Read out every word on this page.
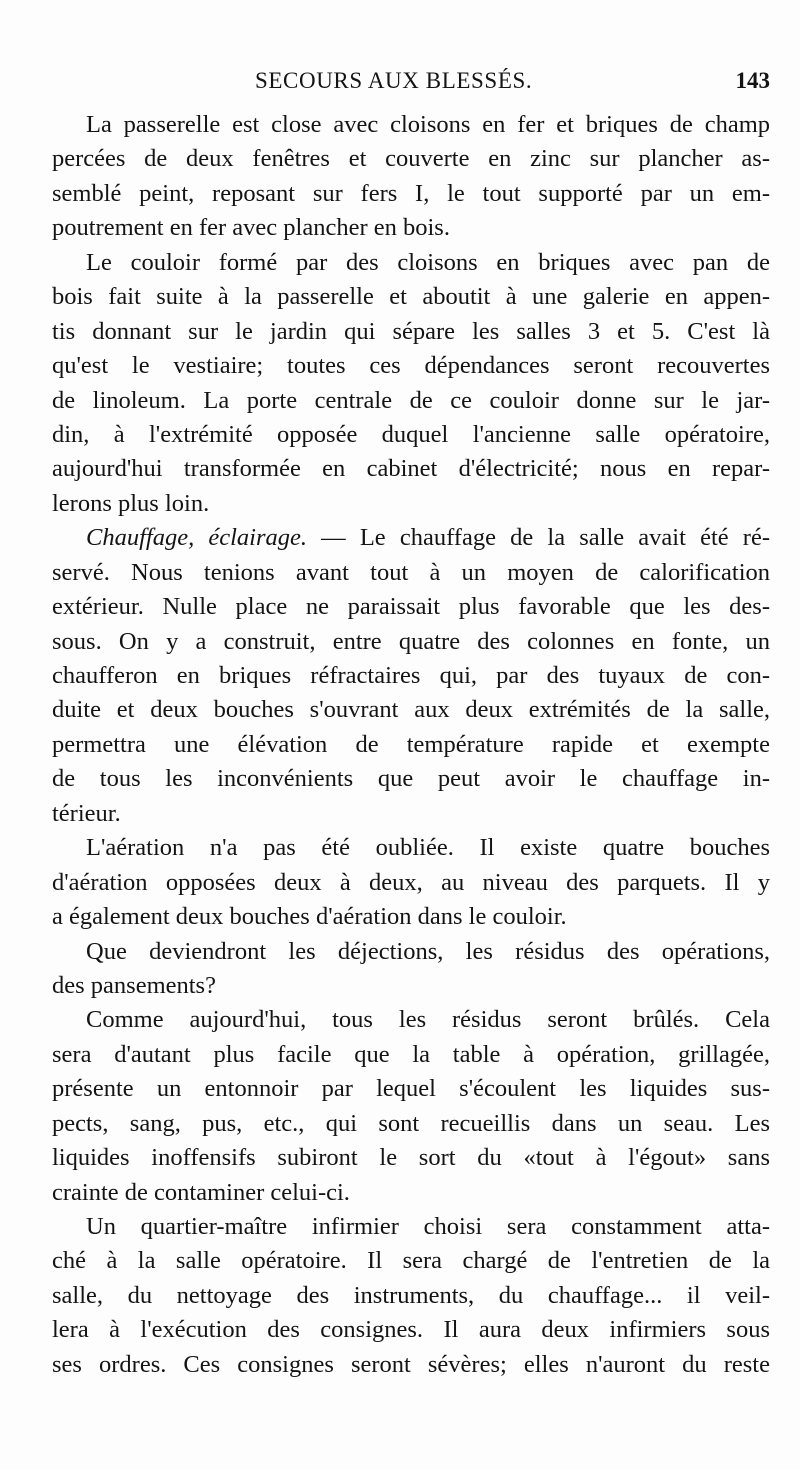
SECOURS AUX BLESSÉS.	143
La passerelle est close avec cloisons en fer et briques de champ
percées de deux fenêtres et couverte en zinc sur plancher as-
semblé peint, reposant sur fers I, le tout supporté par un em-
poutrement en fer avec plancher en bois.
Le couloir formé par des cloisons en briques avec pan de
bois fait suite à la passerelle et aboutit à une galerie en appen-
tis donnant sur le jardin qui sépare les salles 3 et 5. C'est là
qu'est le vestiaire; toutes ces dépendances seront recouvertes
de linoleum. La porte centrale de ce couloir donne sur le jar-
din, à l'extrémité opposée duquel l'ancienne salle opératoire,
aujourd'hui transformée en cabinet d'électricité; nous en repar-
lerons plus loin.
Chauffage, éclairage. — Le chauffage de la salle avait été ré-
servé. Nous tenions avant tout à un moyen de calorification
extérieur. Nulle place ne paraissait plus favorable que les des-
sous. On y a construit, entre quatre des colonnes en fonte, un
chaufferon en briques réfractaires qui, par des tuyaux de con-
duite et deux bouches s'ouvrant aux deux extrémités de la salle,
permettra une élévation de température rapide et exempte
de tous les inconvénients que peut avoir le chauffage in-
térieur.
L'aération n'a pas été oubliée. Il existe quatre bouches
d'aération opposées deux à deux, au niveau des parquets. Il y
a également deux bouches d'aération dans le couloir.
Que deviendront les déjections, les résidus des opérations,
des pansements?
Comme aujourd'hui, tous les résidus seront brûlés. Cela
sera d'autant plus facile que la table à opération, grillagée,
présente un entonnoir par lequel s'écoulent les liquides sus-
pects, sang, pus, etc., qui sont recueillis dans un seau. Les
liquides inoffensifs subiront le sort du «tout à l'égout» sans
crainte de contaminer celui-ci.
Un quartier-maître infirmier choisi sera constamment atta-
ché à la salle opératoire. Il sera chargé de l'entretien de la
salle, du nettoyage des instruments, du chauffage... il veil-
lera à l'exécution des consignes. Il aura deux infirmiers sous
ses ordres. Ces consignes seront sévères; elles n'auront du reste
